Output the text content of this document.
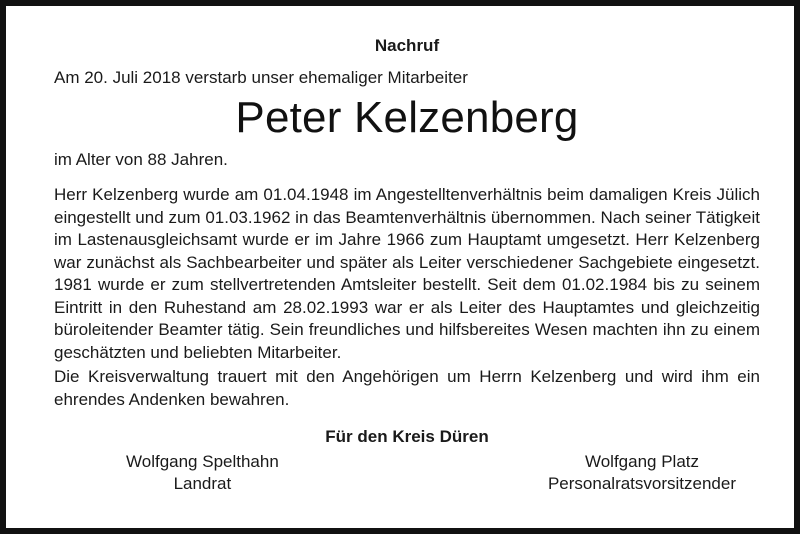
Nachruf

Am 20. Juli 2018 verstarb unser ehemaliger Mitarbeiter

Peter Kelzenberg

im Alter von 88 Jahren.

Herr Kelzenberg wurde am 01.04.1948 im Angestelltenverhältnis beim damaligen Kreis Jülich eingestellt und zum 01.03.1962 in das Beamtenverhältnis übernommen. Nach seiner Tätigkeit im Lastenausgleichsamt wurde er im Jahre 1966 zum Hauptamt umgesetzt. Herr Kelzenberg war zunächst als Sachbearbeiter und später als Leiter verschiedener Sachgebiete eingesetzt. 1981 wurde er zum stellvertretenden Amtsleiter bestellt. Seit dem 01.02.1984 bis zu seinem Eintritt in den Ruhestand am 28.02.1993 war er als Leiter des Hauptamtes und gleichzeitig büroleitender Beamter tätig. Sein freundliches und hilfsbereites Wesen machten ihn zu einem geschätzten und beliebten Mitarbeiter.

Die Kreisverwaltung trauert mit den Angehörigen um Herrn Kelzenberg und wird ihm ein ehrendes Andenken bewahren.

Für den Kreis Düren

Wolfgang Spelthahn
Landrat
Wolfgang Platz
Personalratsvorsitzender
